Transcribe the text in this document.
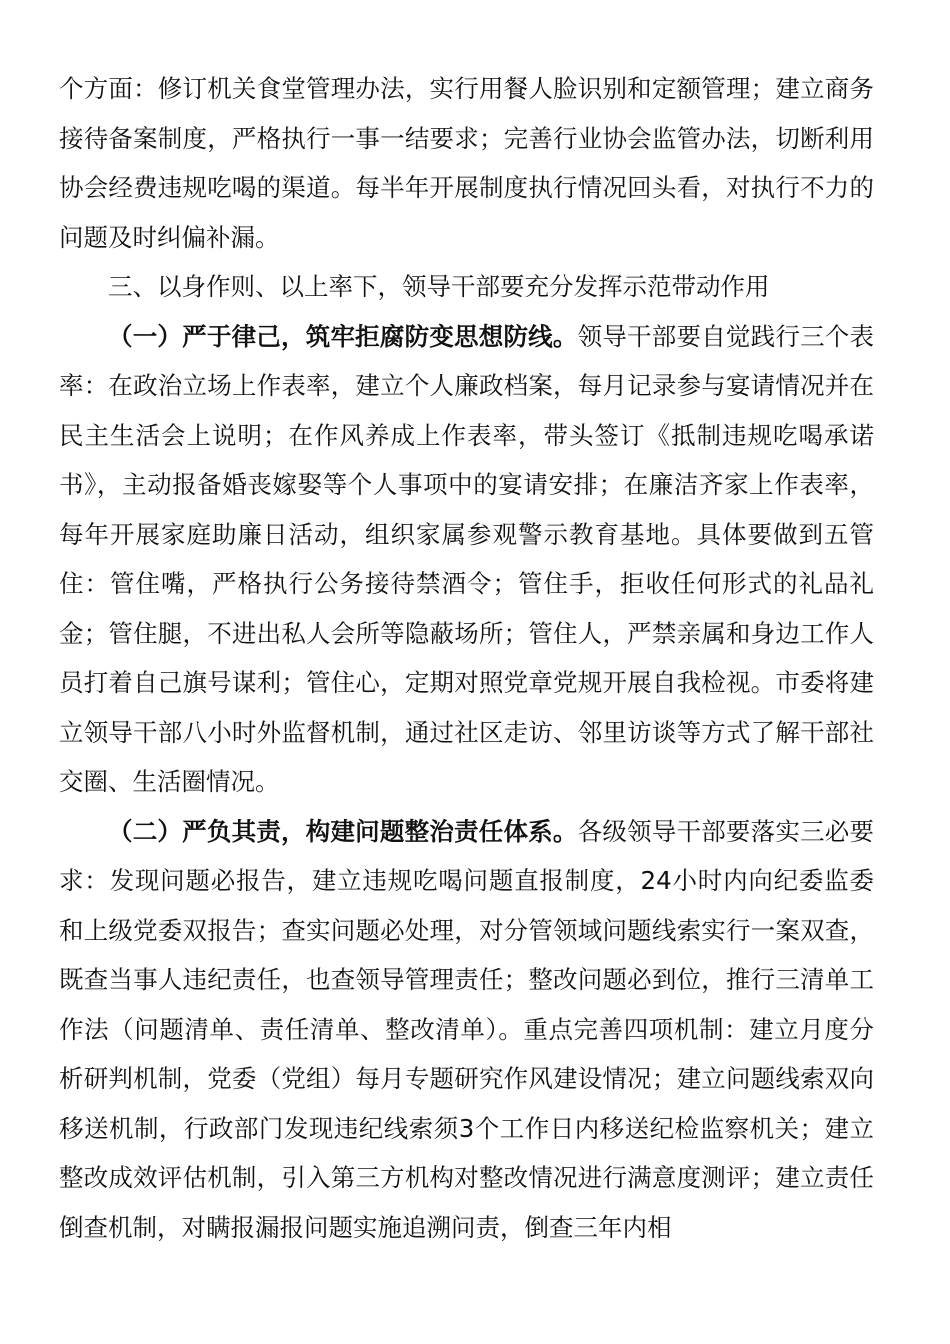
个方面：修订机关食堂管理办法，实行用餐人脸识别和定额管理；建立商务接待备案制度，严格执行一事一结要求；完善行业协会监管办法，切断利用协会经费违规吃喝的渠道。每半年开展制度执行情况回头看，对执行不力的问题及时纠偏补漏。

三、以身作则、以上率下，领导干部要充分发挥示范带动作用

（一）严于律己，筑牢拒腐防变思想防线。领导干部要自觉践行三个表率：在政治立场上作表率，建立个人廉政档案，每月记录参与宴请情况并在民主生活会上说明；在作风养成上作表率，带头签订《抵制违规吃喝承诺书》，主动报备婚丧嫁娶等个人事项中的宴请安排；在廉洁齐家上作表率，每年开展家庭助廉日活动，组织家属参观警示教育基地。具体要做到五管住：管住嘴，严格执行公务接待禁酒令；管住手，拒收任何形式的礼品礼金；管住腿，不进出私人会所等隐蔽场所；管住人，严禁亲属和身边工作人员打着自己旗号谋利；管住心，定期对照党章党规开展自我检视。市委将建立领导干部八小时外监督机制，通过社区走访、邻里访谈等方式了解干部社交圈、生活圈情况。

（二）严负其责，构建问题整治责任体系。各级领导干部要落实三必要求：发现问题必报告，建立违规吃喝问题直报制度，24小时内向纪委监委和上级党委双报告；查实问题必处理，对分管领域问题线索实行一案双查，既查当事人违纪责任，也查领导管理责任；整改问题必到位，推行三清单工作法（问题清单、责任清单、整改清单）。重点完善四项机制：建立月度分析研判机制，党委（党组）每月专题研究作风建设情况；建立问题线索双向移送机制，行政部门发现违纪线索须3个工作日内移送纪检监察机关；建立整改成效评估机制，引入第三方机构对整改情况进行满意度测评；建立责任倒查机制，对瞒报漏报问题实施追溯问责，倒查三年内相
